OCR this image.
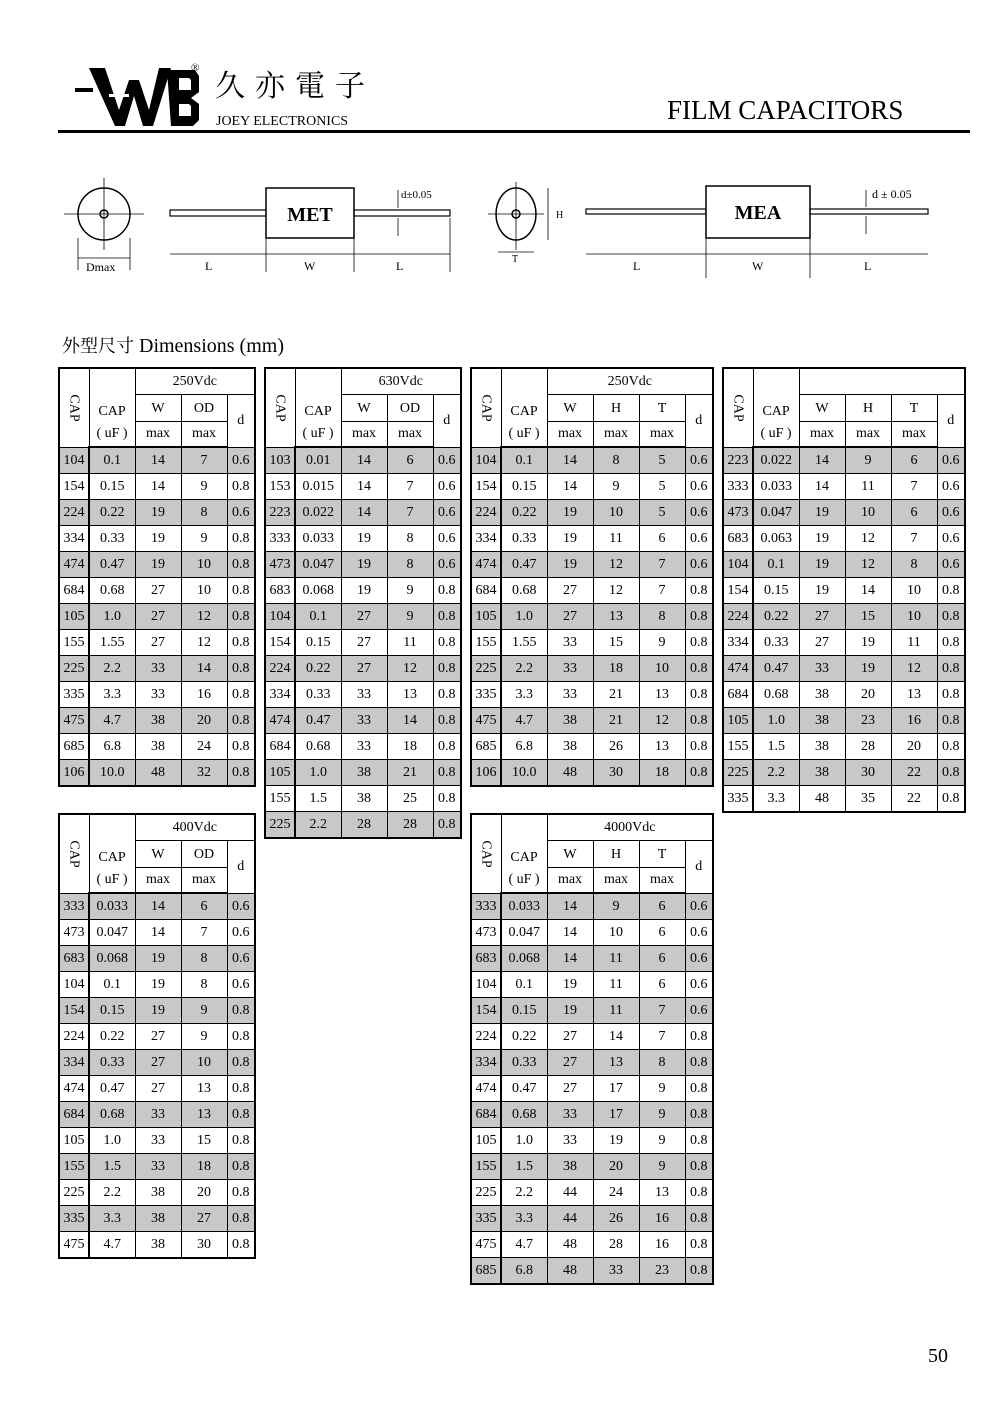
®
久亦電子
JOEY ELECTRONICS	FILM CAPACITORS
Dmax
MET
L	W	L
d±0.05
H
T
MEA
L	W	L
d ± 0.05
外型尺寸 Dimensions (mm)
CAP		250Vdc		
	CAP	W	OD	d
	( uF )	max	max	
104	0.1	14	7	0.6
154	0.15	14	9	0.8
224	0.22	19	8	0.6
334	0.33	19	9	0.8
474	0.47	19	10	0.8
684	0.68	27	10	0.8
105	1.0	27	12	0.8
155	1.55	27	12	0.8
225	2.2	33	14	0.8
335	3.3	33	16	0.8
475	4.7	38	20	0.8
685	6.8	38	24	0.8
106	10.0	48	32	0.8
CAP		630Vdc		
	CAP	W	OD	d
	( uF )	max	max	
103	0.01	14	6	0.6
153	0.015	14	7	0.6
223	0.022	14	7	0.6
333	0.033	19	8	0.6
473	0.047	19	8	0.6
683	0.068	19	9	0.8
104	0.1	27	9	0.8
154	0.15	27	11	0.8
224	0.22	27	12	0.8
334	0.33	33	13	0.8
474	0.47	33	14	0.8
684	0.68	33	18	0.8
105	1.0	38	21	0.8
155	1.5	38	25	0.8
225	2.2	28	28	0.8
CAP		250Vdc			
	CAP	W	H	T	d
	( uF )	max	max	max	
104	0.1	14	8	5	0.6
154	0.15	14	9	5	0.6
224	0.22	19	10	5	0.6
334	0.33	19	11	6	0.6
474	0.47	19	12	7	0.6
684	0.68	27	12	7	0.8
105	1.0	27	13	8	0.8
155	1.55	33	15	9	0.8
225	2.2	33	18	10	0.8
335	3.3	33	21	13	0.8
475	4.7	38	21	12	0.8
685	6.8	38	26	13	0.8
106	10.0	48	30	18	0.8
CAP					

	CAP	W	H	T	d
	( uF )	max	max	max	
223	0.022	14	9	6	0.6
333	0.033	14	11	7	0.6
473	0.047	19	10	6	0.6
683	0.063	19	12	7	0.6
104	0.1	19	12	8	0.6
154	0.15	19	14	10	0.8
224	0.22	27	15	10	0.8
334	0.33	27	19	11	0.8
474	0.47	33	19	12	0.8
684	0.68	38	20	13	0.8
105	1.0	38	23	16	0.8
155	1.5	38	28	20	0.8
225	2.2	38	30	22	0.8
335	3.3	48	35	22	0.8
CAP		400Vdc		
	CAP	W	OD	d
	( uF )	max	max	
333	0.033	14	6	0.6
473	0.047	14	7	0.6
683	0.068	19	8	0.6
104	0.1	19	8	0.6
154	0.15	19	9	0.8
224	0.22	27	9	0.8
334	0.33	27	10	0.8
474	0.47	27	13	0.8
684	0.68	33	13	0.8
105	1.0	33	15	0.8
155	1.5	33	18	0.8
225	2.2	38	20	0.8
335	3.3	38	27	0.8
475	4.7	38	30	0.8
CAP		4000Vdc			
	CAP	W	H	T	d
	( uF )	max	max	max	
333	0.033	14	9	6	0.6
473	0.047	14	10	6	0.6
683	0.068	14	11	6	0.6
104	0.1	19	11	6	0.6
154	0.15	19	11	7	0.6
224	0.22	27	14	7	0.8
334	0.33	27	13	8	0.8
474	0.47	27	17	9	0.8
684	0.68	33	17	9	0.8
105	1.0	33	19	9	0.8
155	1.5	38	20	9	0.8
225	2.2	44	24	13	0.8
335	3.3	44	26	16	0.8
475	4.7	48	28	16	0.8
685	6.8	48	33	23	0.8
50
